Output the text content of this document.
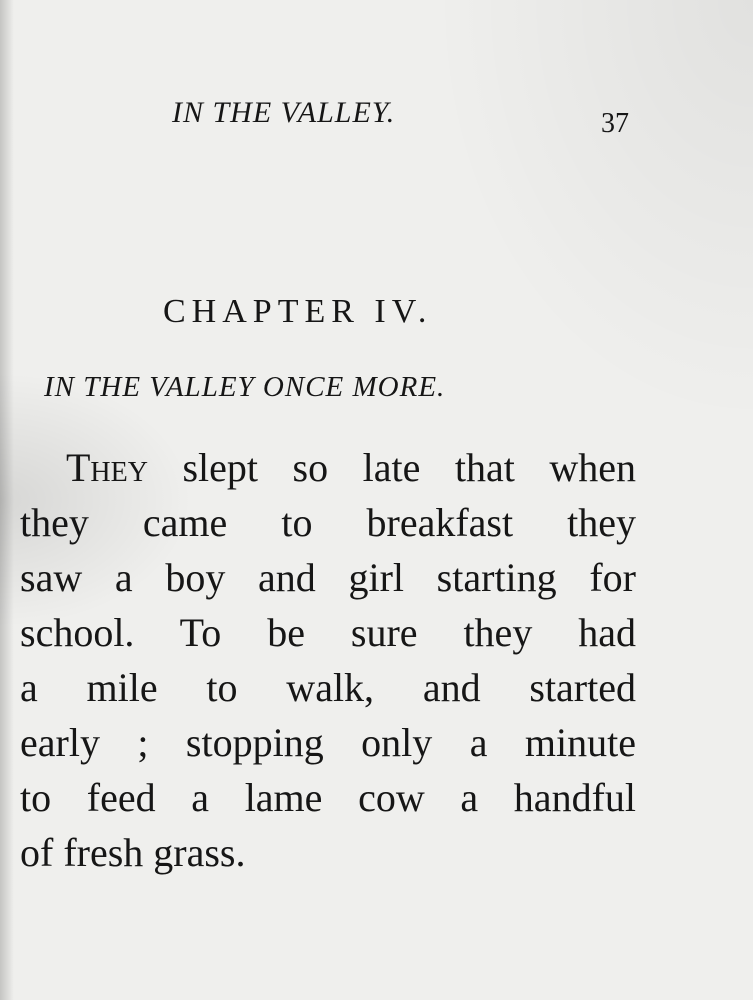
IN THE VALLEY.	37
CHAPTER IV.
IN THE VALLEY ONCE MORE.
They slept so late that when
they came to breakfast they
saw a boy and girl starting for
school. To be sure they had
a mile to walk, and started
early ; stopping only a minute
to feed a lame cow a handful
of fresh grass.
